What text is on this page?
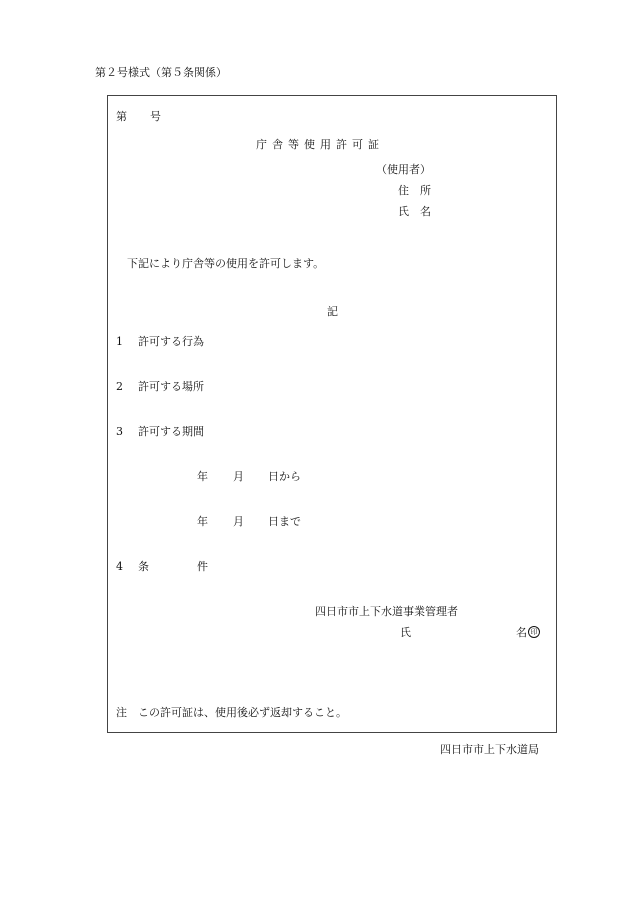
第２号様式（第５条関係）
第 号
庁舎等使用許可証
（使用者）
住　所
氏　名
下記により庁舎等の使用を許可します。
記
1 許可する行為
2 許可する場所
3 許可する期間
年 月 日から
年 月 日まで
4 条	件
四日市市上下水道事業管理者
氏	名 印
注 この許可証は、使用後必ず返却すること。
四日市市上下水道局
